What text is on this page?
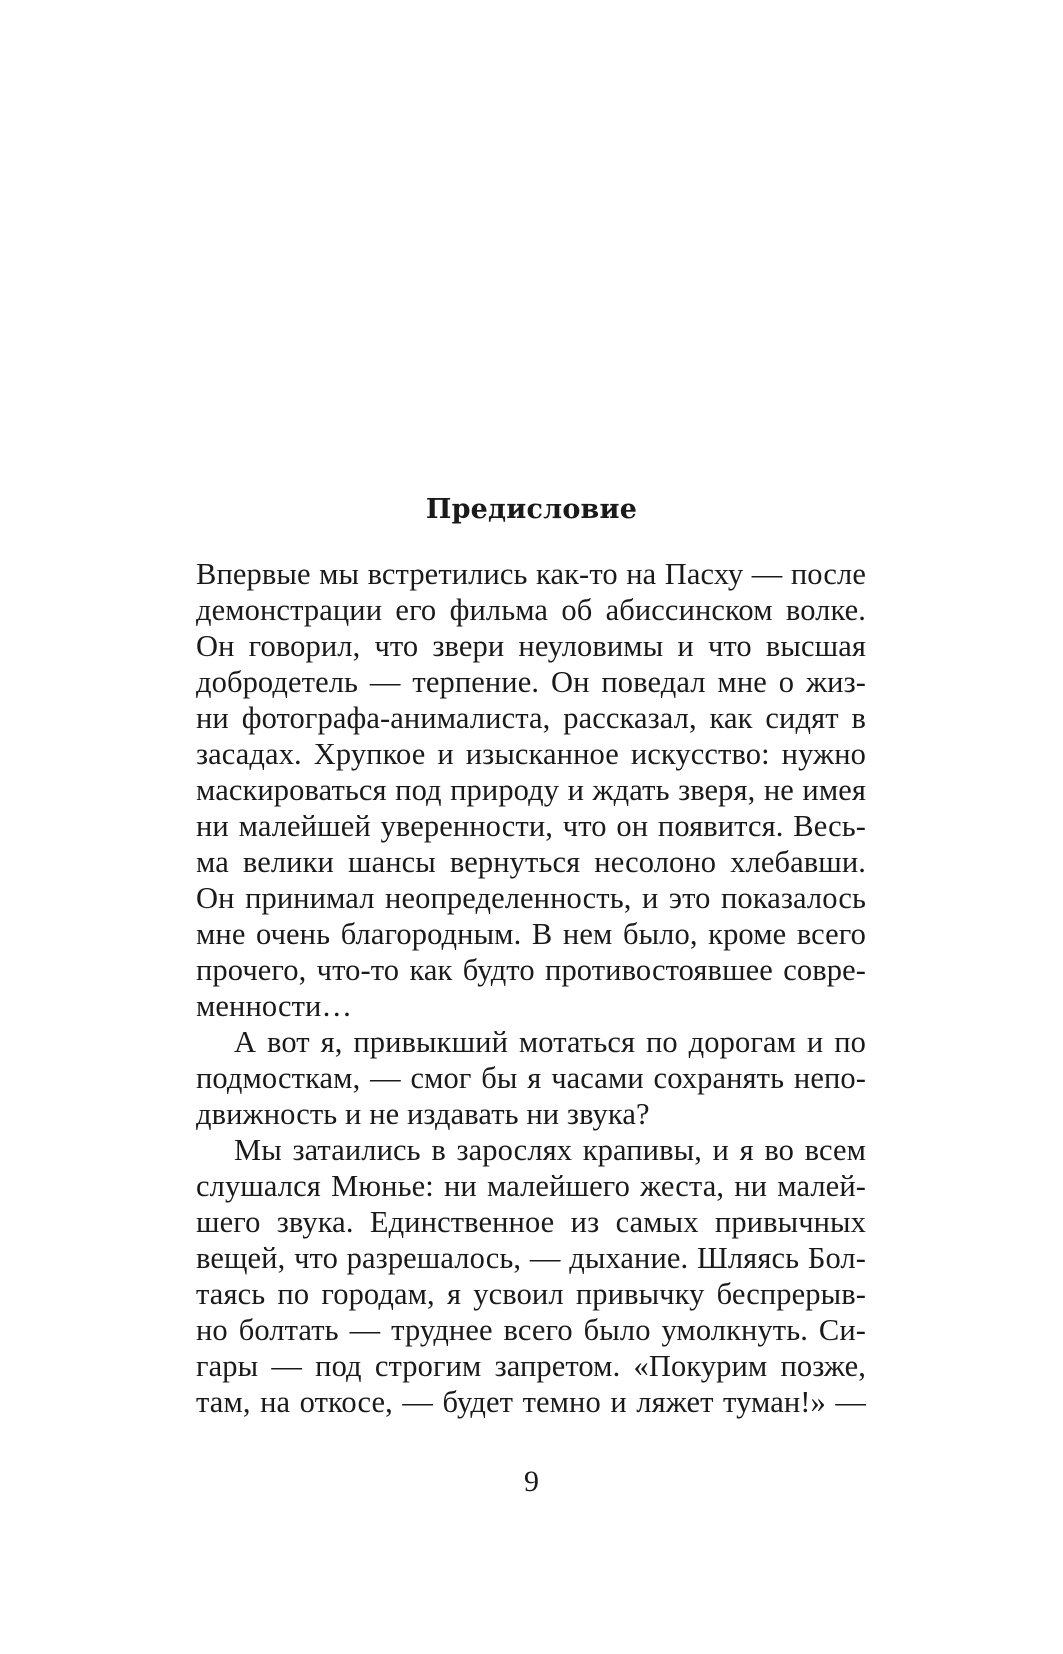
Предисловие
Впервые мы встретились как-то на Пасху — после
демонстрации его фильма об абиссинском волке.
Он говорил, что звери неуловимы и что высшая
добродетель — терпение. Он поведал мне о жиз-
ни фотографа-анималиста, рассказал, как сидят в
засадах. Хрупкое и изысканное искусство: нужно
маскироваться под природу и ждать зверя, не имея
ни малейшей уверенности, что он появится. Весь-
ма велики шансы вернуться несолоно хлебавши.
Он принимал неопределенность, и это показалось
мне очень благородным. В нем было, кроме всего
прочего, что-то как будто противостоявшее совре-
менности…
А вот я, привыкший мотаться по дорогам и по
подмосткам, — смог бы я часами сохранять непо-
движность и не издавать ни звука?
Мы затаились в зарослях крапивы, и я во всем
слушался Мюнье: ни малейшего жеста, ни малей-
шего звука. Единственное из самых привычных
вещей, что разрешалось, — дыхание. Шляясь Бол-
таясь по городам, я усвоил привычку беспрерыв-
но болтать — труднее всего было умолкнуть. Си-
гары — под строгим запретом. «Покурим позже,
там, на откосе, — будет темно и ляжет туман!» —
9
